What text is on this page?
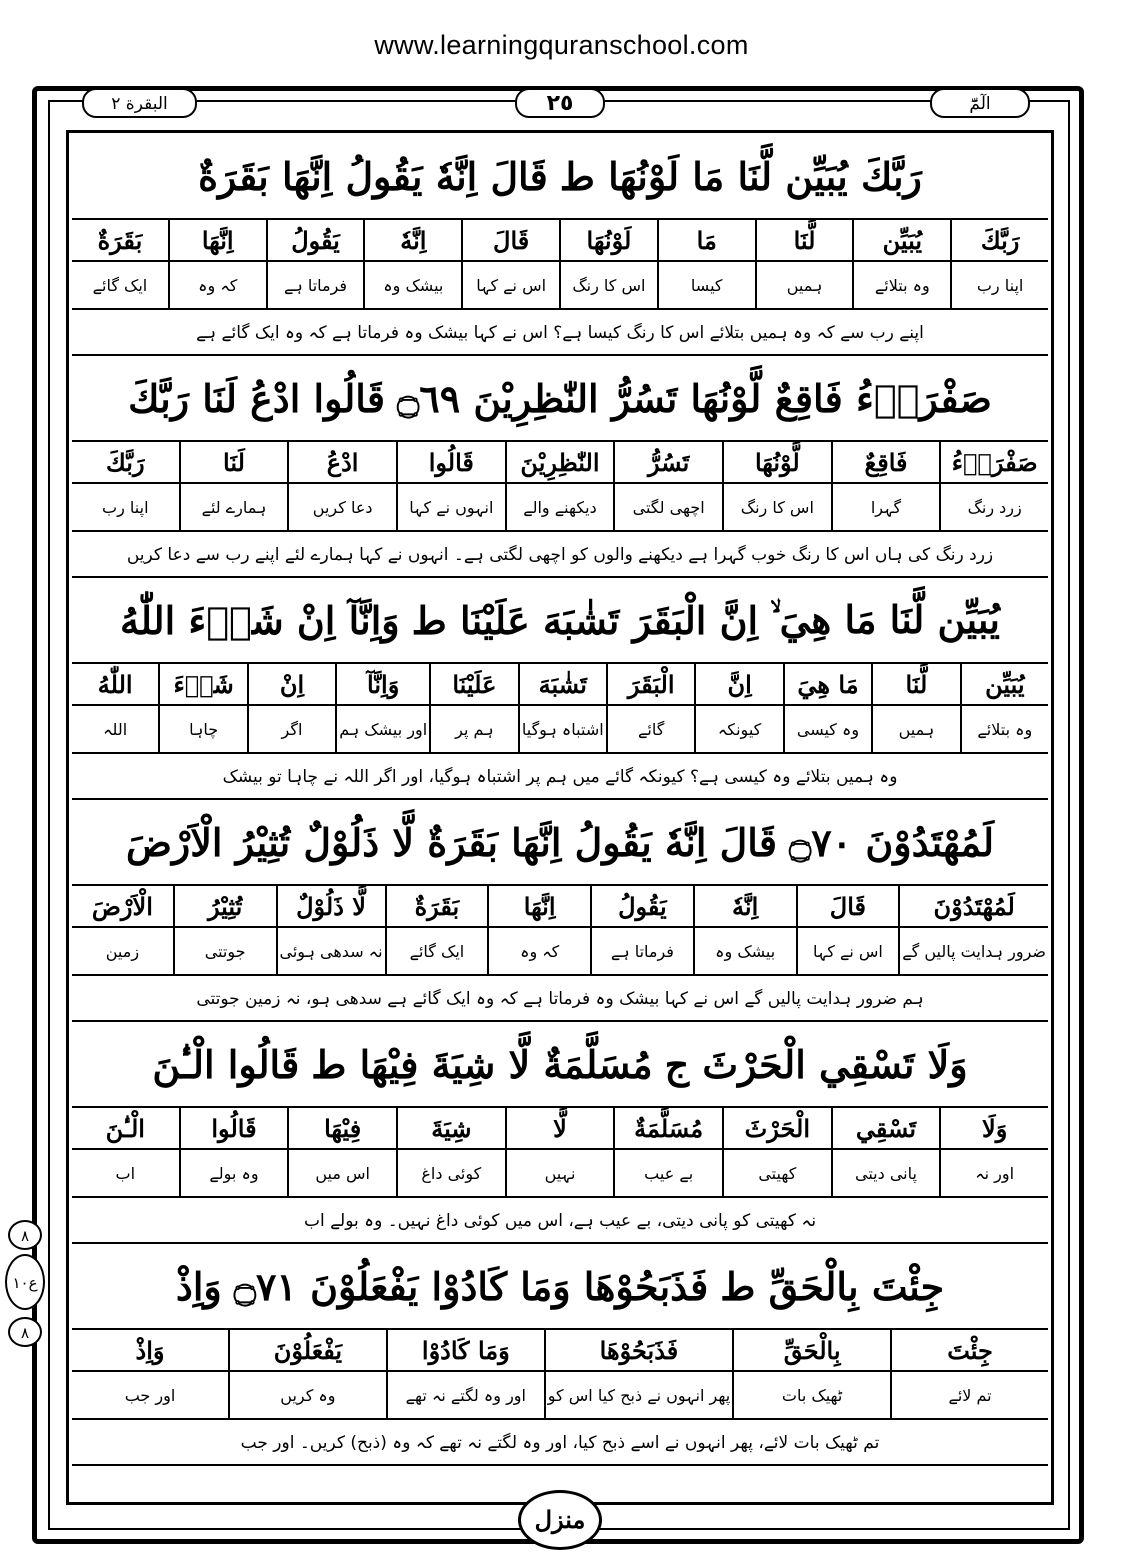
www.learningquranschool.com
البقرة ٢	٢٥	الٓمّٓ
٨
ع١٠
٨
رَبَّكَ يُبَيِّن لَّنَا مَا لَوْنُهَا ط
قَالَ اِنَّهٗ يَقُولُ اِنَّهَا بَقَرَةٌ
رَبَّكَ
اپنا رب
يُبَيِّن
وہ بتلائے
لَّنَا
ہمیں
مَا
کیسا
لَوْنُهَا
اس کا رنگ
قَالَ
اس نے کہا
اِنَّهٗ
بیشک وہ
يَقُولُ
فرماتا ہے
اِنَّهَا
کہ وہ
بَقَرَةٌ
ایک گائے
اپنے رب سے کہ وہ ہمیں بتلائے اس کا رنگ کیسا ہے؟ اس نے کہا بیشک وہ فرماتا ہے کہ وہ ایک گائے ہے
صَفْرَاۤءُ فَاقِعٌ لَّوْنُهَا تَسُرُّ النّٰظِرِيْنَ ۝٦٩
قَالُوا ادْعُ لَنَا رَبَّكَ
صَفْرَاۤءُ
زرد رنگ
فَاقِعٌ
گہرا
لَّوْنُهَا
اس کا رنگ
تَسُرُّ
اچھی لگتی
النّٰظِرِيْنَ
دیکھنے والے
قَالُوا
انہوں نے کہا
ادْعُ
دعا کریں
لَنَا
ہمارے لئے
رَبَّكَ
اپنا رب
زرد رنگ کی ہاں اس کا رنگ خوب گہرا ہے دیکھنے والوں کو اچھی لگتی ہے۔ انہوں نے کہا ہمارے لئے اپنے رب سے دعا کریں
يُبَيِّن لَّنَا مَا هِيَ ۙ
اِنَّ الْبَقَرَ تَشٰبَهَ عَلَيْنَا ط
وَاِنَّآ اِنْ شَاۤءَ اللّٰهُ
يُبَيِّن
وہ بتلائے
لَّنَا
ہمیں
مَا هِيَ
وہ کیسی
اِنَّ
کیونکہ
الْبَقَرَ
گائے
تَشٰبَهَ
اشتباہ ہوگیا
عَلَيْنَا
ہم پر
وَاِنَّآ
اور بیشک ہم
اِنْ
اگر
شَاۤءَ
چاہا
اللّٰهُ
اللہ
وہ ہمیں بتلائے وہ کیسی ہے؟ کیونکہ گائے میں ہم پر اشتباہ ہوگیا، اور اگر اللہ نے چاہا تو بیشک
لَمُهْتَدُوْنَ ۝٧٠
قَالَ اِنَّهٗ يَقُولُ اِنَّهَا بَقَرَةٌ لَّا ذَلُوْلٌ تُثِيْرُ الْاَرْضَ
لَمُهْتَدُوْنَ
ضرور ہدایت پالیں گے
قَالَ
اس نے کہا
اِنَّهٗ
بیشک وہ
يَقُولُ
فرماتا ہے
اِنَّهَا
کہ وہ
بَقَرَةٌ
ایک گائے
لَّا ذَلُوْلٌ
نہ سدھی ہوئی
تُثِيْرُ
جوتتی
الْاَرْضَ
زمین
ہم ضرور ہدایت پالیں گے اس نے کہا بیشک وہ فرماتا ہے کہ وہ ایک گائے ہے سدھی ہو، نہ زمین جوتتی
وَلَا تَسْقِي الْحَرْثَ ج
مُسَلَّمَةٌ لَّا شِيَةَ فِيْهَا ط
قَالُوا الْـٰٔنَ
وَلَا
اور نہ
تَسْقِي
پانی دیتی
الْحَرْثَ
کھیتی
مُسَلَّمَةٌ
بے عیب
لَّا
نہیں
شِيَةَ
کوئی داغ
فِيْهَا
اس میں
قَالُوا
وہ بولے
الْـٰٔنَ
اب
نہ کھیتی کو پانی دیتی، بے عیب ہے، اس میں کوئی داغ نہیں۔ وہ بولے اب
جِئْتَ بِالْحَقِّ ط
فَذَبَحُوْهَا وَمَا كَادُوْا يَفْعَلُوْنَ ۝٧١
وَاِذْ
جِئْتَ
تم لائے
بِالْحَقِّ
ٹھیک بات
فَذَبَحُوْهَا
پھر انہوں نے ذبح کیا اس کو
وَمَا كَادُوْا
اور وہ لگتے نہ تھے
يَفْعَلُوْنَ
وہ کریں
وَاِذْ
اور جب
تم ٹھیک بات لائے، پھر انہوں نے اسے ذبح کیا، اور وہ لگتے نہ تھے کہ وہ (ذبح) کریں۔ اور جب
منزل
